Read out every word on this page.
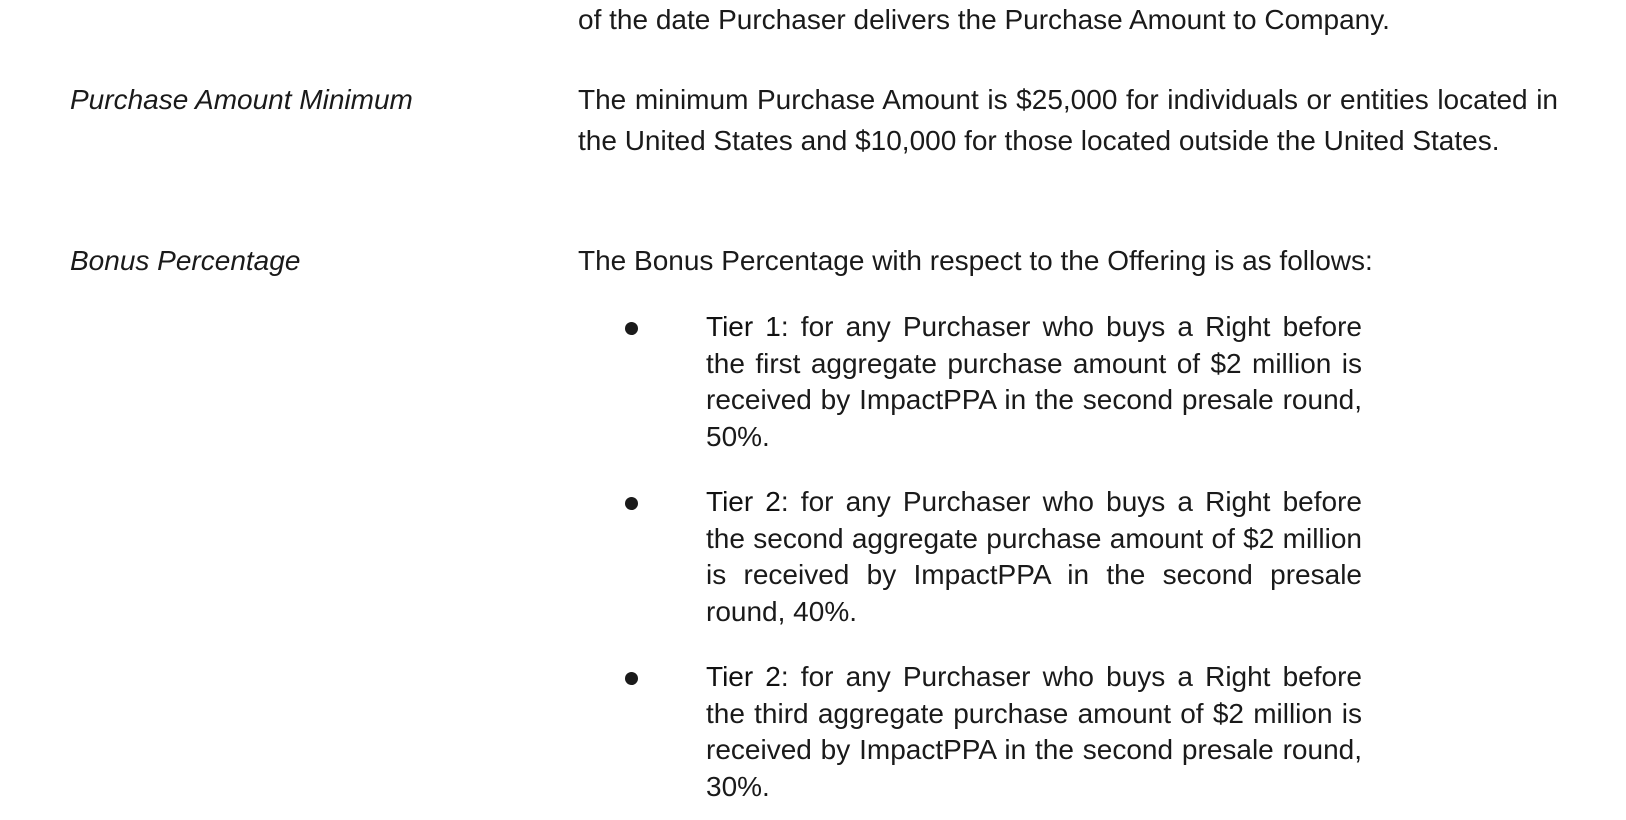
of the date Purchaser delivers the Purchase Amount to Company.
Purchase Amount Minimum	The minimum Purchase Amount is $25,000 for individuals or entities located in the United States and $10,000 for those located outside the United States.
Bonus Percentage	The Bonus Percentage with respect to the Offering is as follows:
Tier 1: for any Purchaser who buys a Right before the first aggregate purchase amount of $2 million is received by ImpactPPA in the second presale round, 50%.
Tier 2: for any Purchaser who buys a Right before the second aggregate purchase amount of $2 million is received by ImpactPPA in the second presale round, 40%.
Tier 2: for any Purchaser who buys a Right before the third aggregate purchase amount of $2 million is received by ImpactPPA in the second presale round, 30%.
